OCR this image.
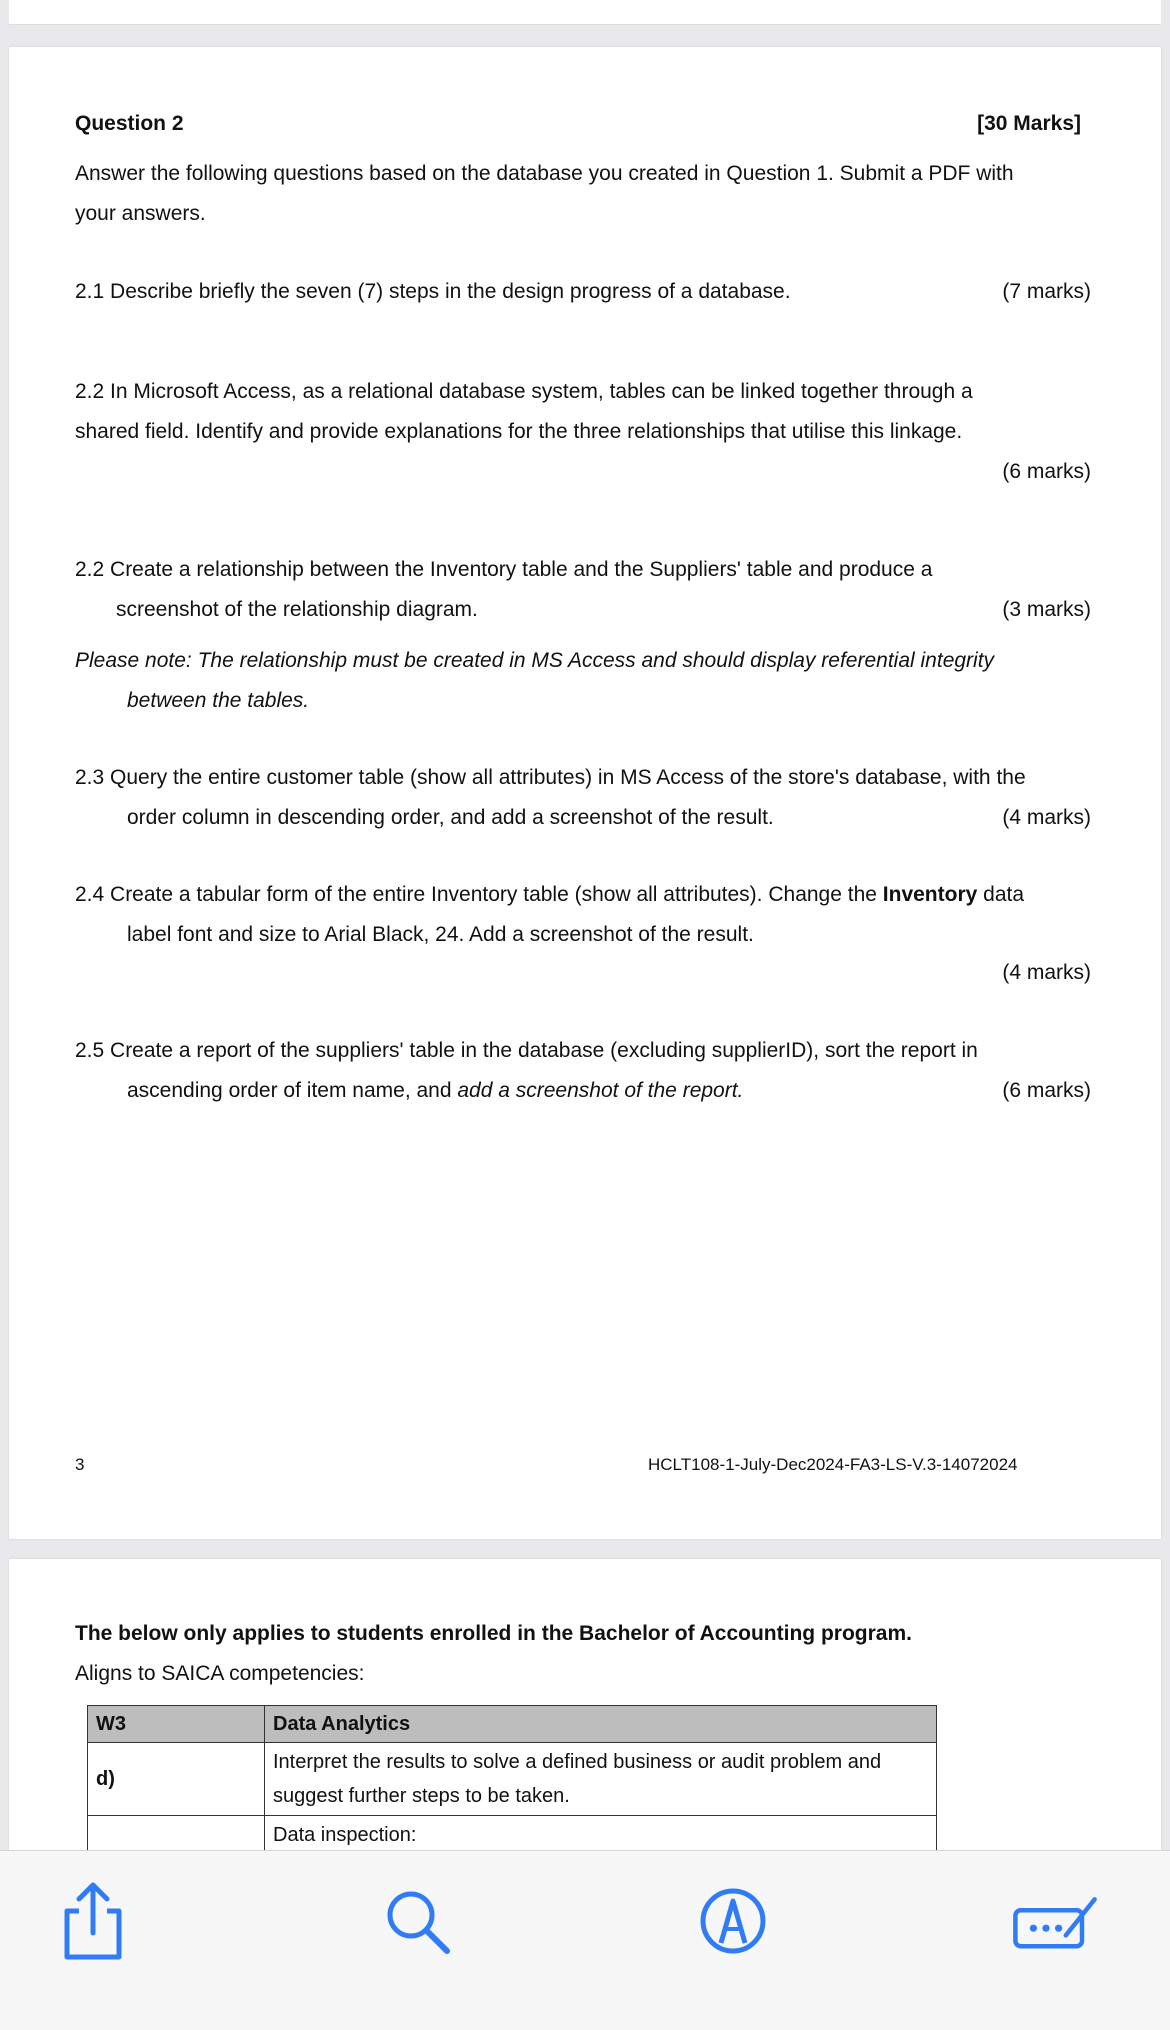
Question 2	[30 Marks]
Answer the following questions based on the database you created in Question 1. Submit a PDF with
your answers.
2.1 Describe briefly the seven (7) steps in the design progress of a database.	(7 marks)
2.2 In Microsoft Access, as a relational database system, tables can be linked together through a
shared field. Identify and provide explanations for the three relationships that utilise this linkage.
(6 marks)
2.2 Create a relationship between the Inventory table and the Suppliers' table and produce a
screenshot of the relationship diagram.	(3 marks)
Please note: The relationship must be created in MS Access and should display referential integrity
between the tables.
2.3 Query the entire customer table (show all attributes) in MS Access of the store's database, with the
order column in descending order, and add a screenshot of the result.	(4 marks)
2.4 Create a tabular form of the entire Inventory table (show all attributes). Change the Inventory data
label font and size to Arial Black, 24. Add a screenshot of the result.
(4 marks)
2.5 Create a report of the suppliers' table in the database (excluding supplierID), sort the report in
ascending order of item name, and add a screenshot of the report.	(6 marks)
3	HCLT108-1-July-Dec2024-FA3-LS-V.3-14072024
The below only applies to students enrolled in the Bachelor of Accounting program.
Aligns to SAICA competencies:
W3	Data Analytics
d)	Interpret the results to solve a defined business or audit problem and suggest further steps to be taken.
	Data inspection:
